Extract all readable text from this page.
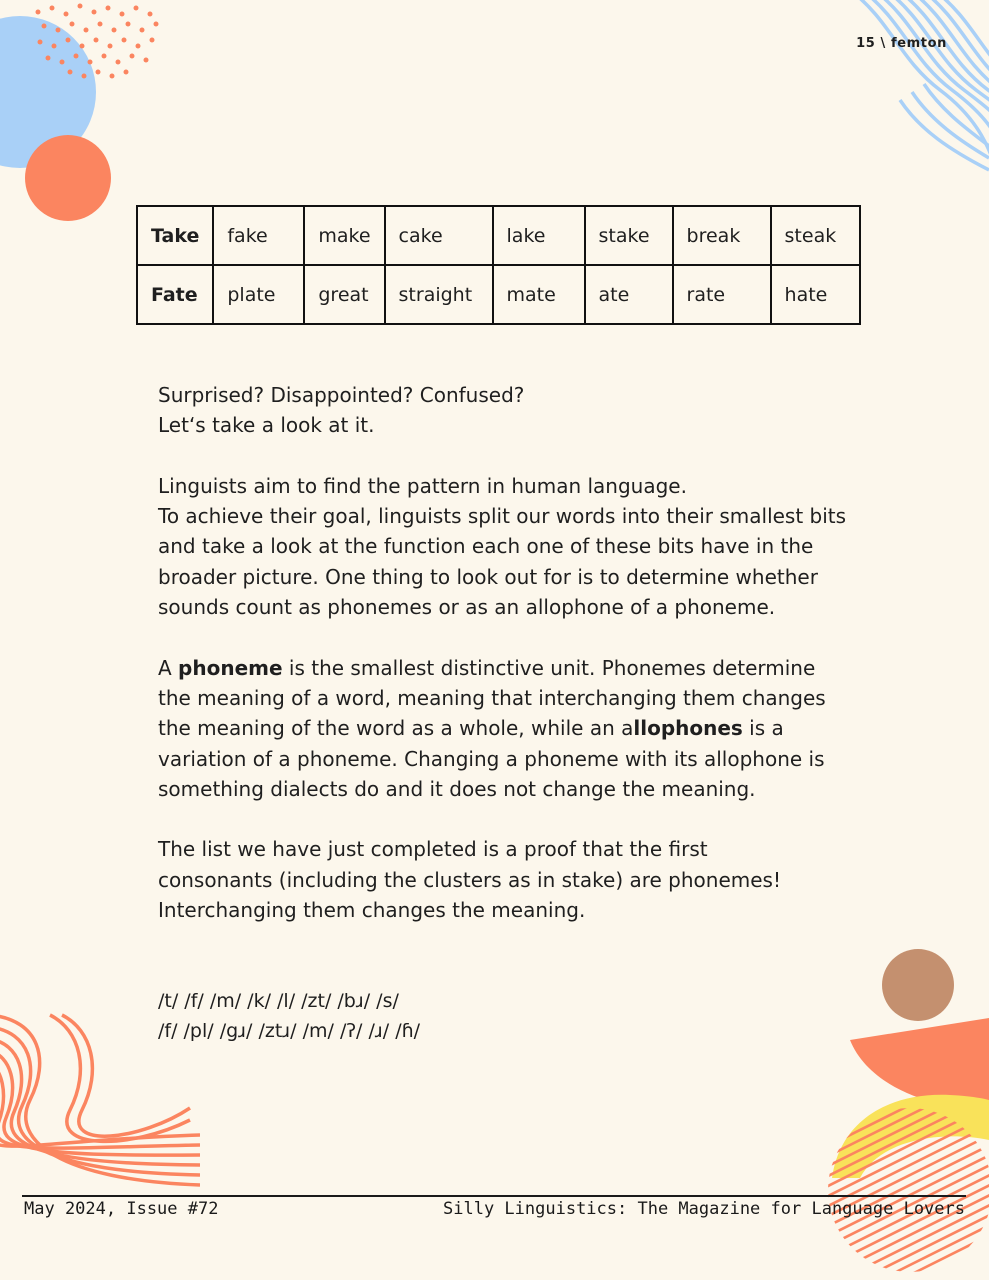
15 \ femton
Take	fake	make	cake	lake	stake	break	steak
Fate	plate	great	straight	mate	ate	rate	hate

Surprised? Disappointed? Confused?
Let‘s take a look at it.

Linguists aim to find the pattern in human language.
To achieve their goal, linguists split our words into their smallest bits and take a look at the function each one of these bits have in the broader picture. One thing to look out for is to determine whether sounds count as phonemes or as an allophone of a phoneme.

A phoneme is the smallest distinctive unit. Phonemes determine the meaning of a word, meaning that interchanging them changes the meaning of the word as a whole, while an allophones is a variation of a phoneme. Changing a phoneme with its allophone is something dialects do and it does not change the meaning.

The list we have just completed is a proof that the first
consonants (including the clusters as in stake) are phonemes!
Interchanging them changes the meaning.

/t/ /f/ /m/ /k/ /l/ /zt/ /bɹ/ /s/
/f/ /pl/ /gɹ/ /ztɹ/ /m/ /ʔ/ /ɹ/ /ɦ/
May 2024, Issue #72	Silly Linguistics: The Magazine for Language Lovers
